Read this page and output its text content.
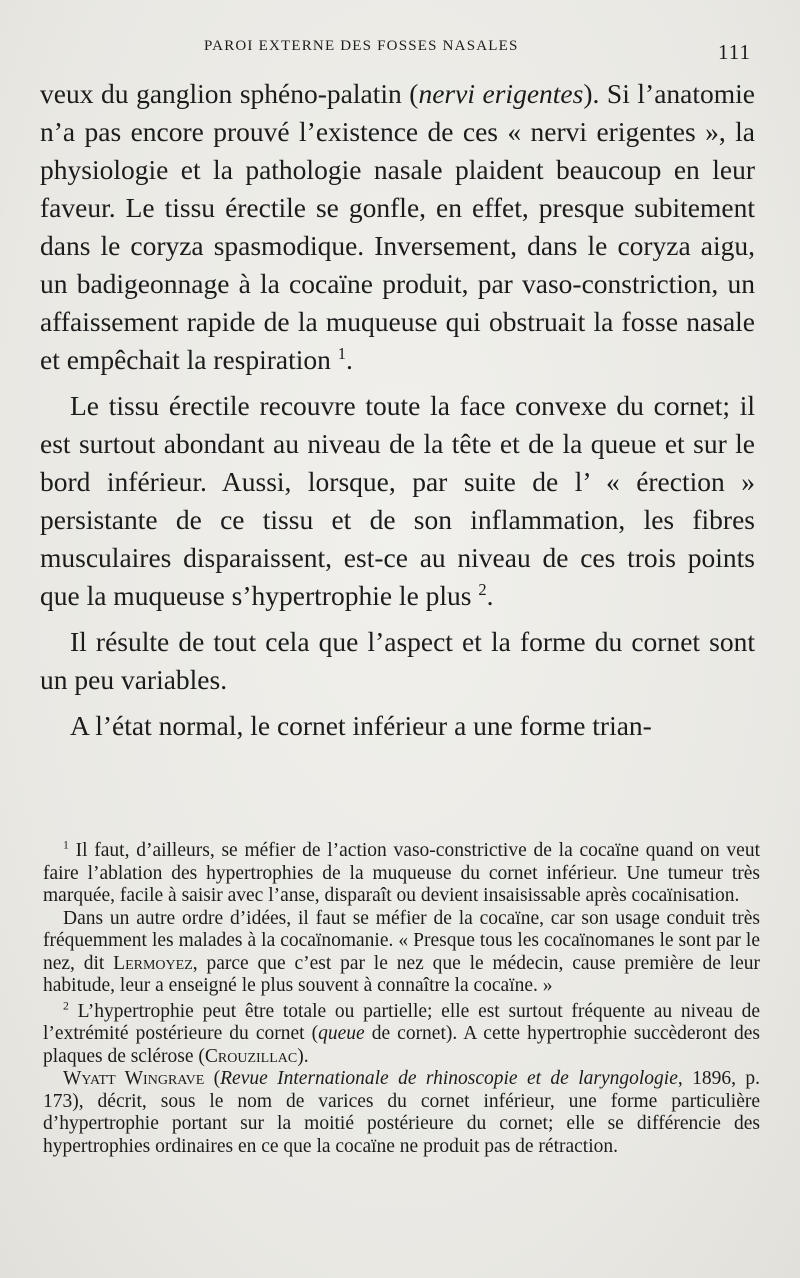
PAROI EXTERNE DES FOSSES NASALES	111

veux du ganglion sphéno-palatin (nervi erigentes). Si l’anatomie n’a pas encore prouvé l’existence de ces « nervi erigentes », la physiologie et la pathologie nasale plaident beaucoup en leur faveur. Le tissu érectile se gonfle, en effet, presque subitement dans le coryza spasmodique. Inversement, dans le coryza aigu, un badigeonnage à la cocaïne produit, par vaso-constriction, un affaissement rapide de la muqueuse qui obstruait la fosse nasale et empêchait la respiration $^1$.

Le tissu érectile recouvre toute la face convexe du cornet; il est surtout abondant au niveau de la tête et de la queue et sur le bord inférieur. Aussi, lorsque, par suite de l’ « érection » persistante de ce tissu et de son inflammation, les fibres musculaires disparaissent, est-ce au niveau de ces trois points que la muqueuse s’hypertrophie le plus $^2$.

Il résulte de tout cela que l’aspect et la forme du cornet sont un peu variables.

A l’état normal, le cornet inférieur a une forme trian-

$^1$ Il faut, d’ailleurs, se méfier de l’action vaso-constrictive de la cocaïne quand on veut faire l’ablation des hypertrophies de la muqueuse du cornet inférieur. Une tumeur très marquée, facile à saisir avec l’anse, disparaît ou devient insaisissable après cocaïnisation.

Dans un autre ordre d’idées, il faut se méfier de la cocaïne, car son usage conduit très fréquemment les malades à la cocaïnomanie. « Presque tous les cocaïnomanes le sont par le nez, dit Lermoyez, parce que c’est par le nez que le médecin, cause première de leur habitude, leur a enseigné le plus souvent à connaître la cocaïne. »

$^2$ L’hypertrophie peut être totale ou partielle; elle est surtout fréquente au niveau de l’extrémité postérieure du cornet (queue de cornet). A cette hypertrophie succèderont des plaques de sclérose (Crouzillac).

Wyatt Wingrave (Revue Internationale de rhinoscopie et de laryngologie, 1896, p. 173), décrit, sous le nom de varices du cornet inférieur, une forme particulière d’hypertrophie portant sur la moitié postérieure du cornet; elle se différencie des hypertrophies ordinaires en ce que la cocaïne ne produit pas de rétraction.
